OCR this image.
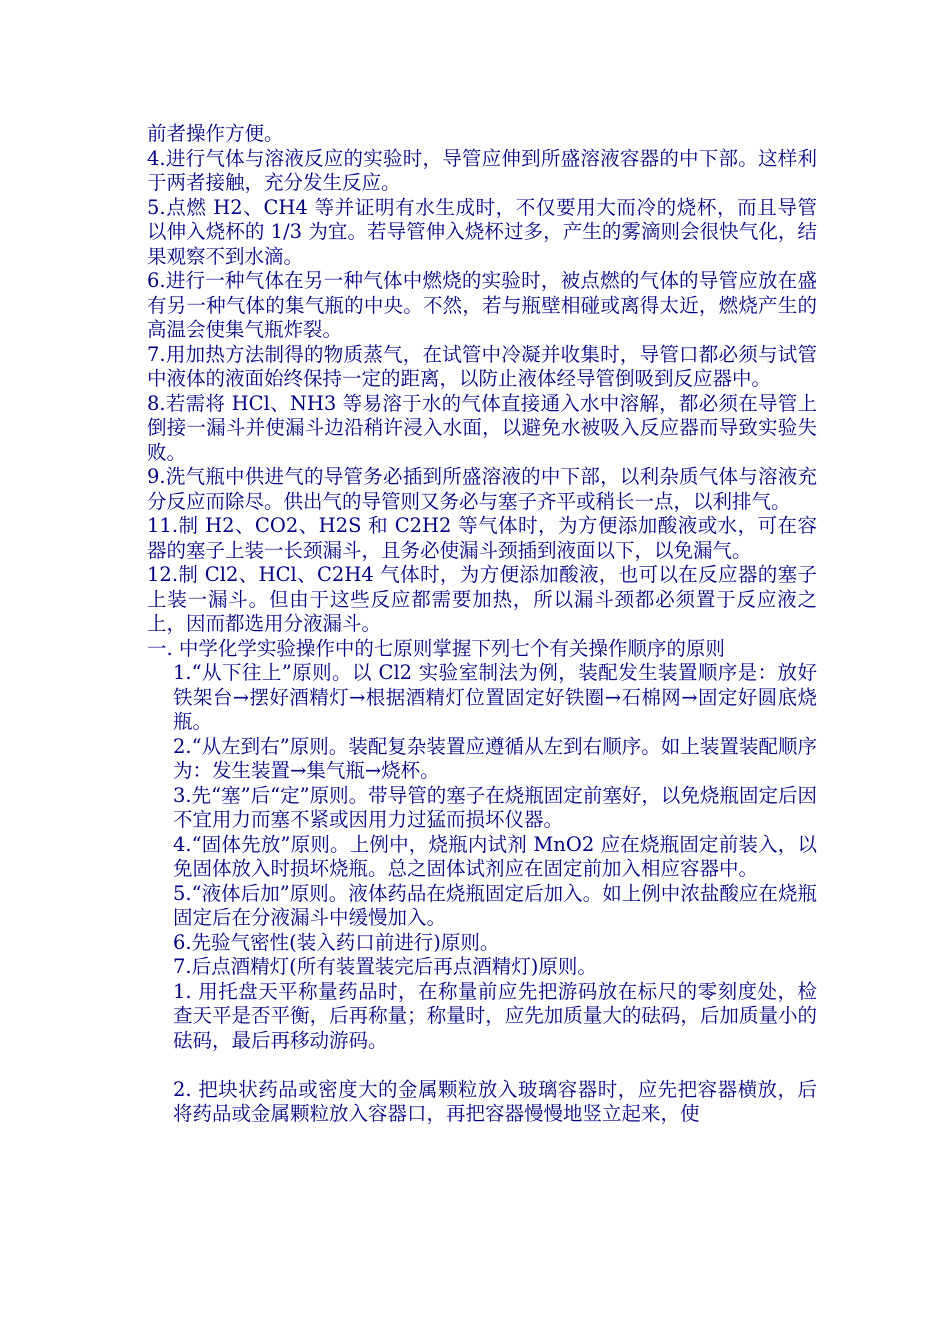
前者操作方便。

4.进行气体与溶液反应的实验时，导管应伸到所盛溶液容器的中下部。这样利于两者接触，充分发生反应。

5.点燃 H2、CH4 等并证明有水生成时，不仅要用大而冷的烧杯，而且导管以伸入烧杯的 1/3 为宜。若导管伸入烧杯过多，产生的雾滴则会很快气化，结果观察不到水滴。

6.进行一种气体在另一种气体中燃烧的实验时，被点燃的气体的导管应放在盛有另一种气体的集气瓶的中央。不然，若与瓶壁相碰或离得太近，燃烧产生的高温会使集气瓶炸裂。

7.用加热方法制得的物质蒸气，在试管中冷凝并收集时，导管口都必须与试管中液体的液面始终保持一定的距离，以防止液体经导管倒吸到反应器中。

8.若需将 HCl、NH3 等易溶于水的气体直接通入水中溶解，都必须在导管上倒接一漏斗并使漏斗边沿稍许浸入水面，以避免水被吸入反应器而导致实验失败。

9.洗气瓶中供进气的导管务必插到所盛溶液的中下部，以利杂质气体与溶液充分反应而除尽。供出气的导管则又务必与塞子齐平或稍长一点，以利排气。

11.制 H2、CO2、H2S 和 C2H2 等气体时，为方便添加酸液或水，可在容器的塞子上装一长颈漏斗，且务必使漏斗颈插到液面以下，以免漏气。

12.制 Cl2、HCl、C2H4 气体时，为方便添加酸液，也可以在反应器的塞子上装一漏斗。但由于这些反应都需要加热，所以漏斗颈都必须置于反应液之上，因而都选用分液漏斗。

一. 中学化学实验操作中的七原则掌握下列七个有关操作顺序的原则

1.“从下往上”原则。以 Cl2 实验室制法为例，装配发生装置顺序是：放好铁架台→摆好酒精灯→根据酒精灯位置固定好铁圈→石棉网→固定好圆底烧瓶。

2.“从左到右”原则。装配复杂装置应遵循从左到右顺序。如上装置装配顺序为：发生装置→集气瓶→烧杯。

3.先“塞”后“定”原则。带导管的塞子在烧瓶固定前塞好，以免烧瓶固定后因不宜用力而塞不紧或因用力过猛而损坏仪器。

4.“固体先放”原则。上例中，烧瓶内试剂 MnO2 应在烧瓶固定前装入，以免固体放入时损坏烧瓶。总之固体试剂应在固定前加入相应容器中。

5.“液体后加”原则。液体药品在烧瓶固定后加入。如上例中浓盐酸应在烧瓶固定后在分液漏斗中缓慢加入。

6.先验气密性(装入药口前进行)原则。

7.后点酒精灯(所有装置装完后再点酒精灯)原则。

1. 用托盘天平称量药品时，在称量前应先把游码放在标尺的零刻度处，检查天平是否平衡，后再称量；称量时，应先加质量大的砝码，后加质量小的砝码，最后再移动游码。

2. 把块状药品或密度大的金属颗粒放入玻璃容器时，应先把容器横放，后将药品或金属颗粒放入容器口，再把容器慢慢地竖立起来，使
